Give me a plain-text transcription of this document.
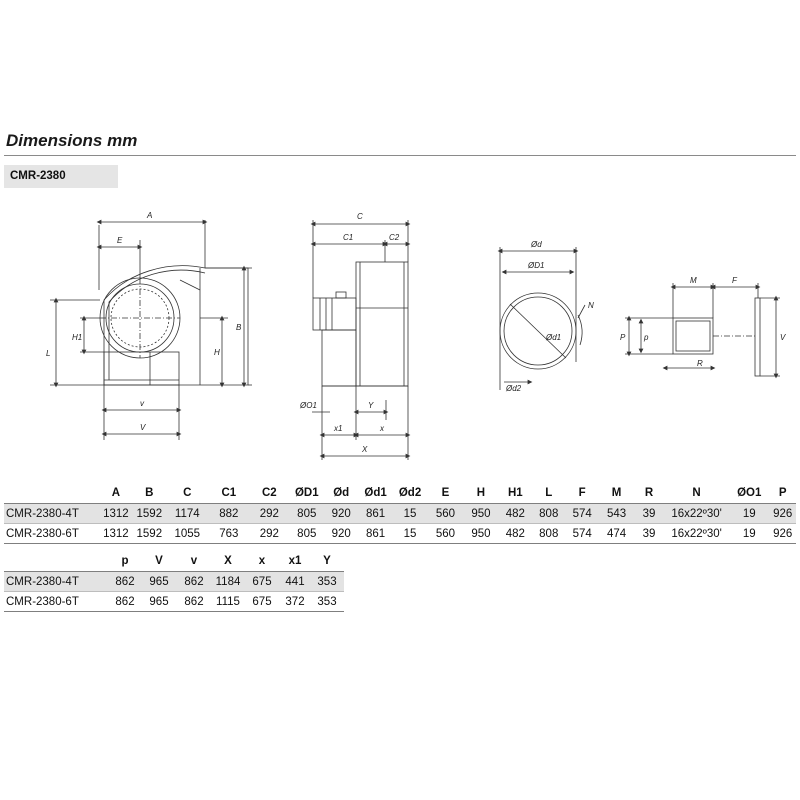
Dimensions mm
CMR-2380
A
E
B
H
H1
L
v
V
C
C1	C2
ØO1	Y
x1	x
X
Ød
ØD1
Ød1
N
Ød2
M	F
P p
R
V
	A	B	C	C1	C2	ØD1	Ød	Ød1	Ød2	E	H	H1	L	F	M	R	N	ØO1	P
CMR-2380-4T	1312	1592	1174	882	292	805	920	861	15	560	950	482	808	574	543	39	16x22º30'	19	926
CMR-2380-6T	1312	1592	1055	763	292	805	920	861	15	560	950	482	808	574	474	39	16x22º30'	19	926
	p	V	v	X	x	x1	Y
CMR-2380-4T	862	965	862	1184	675	441	353
CMR-2380-6T	862	965	862	1115	675	372	353
